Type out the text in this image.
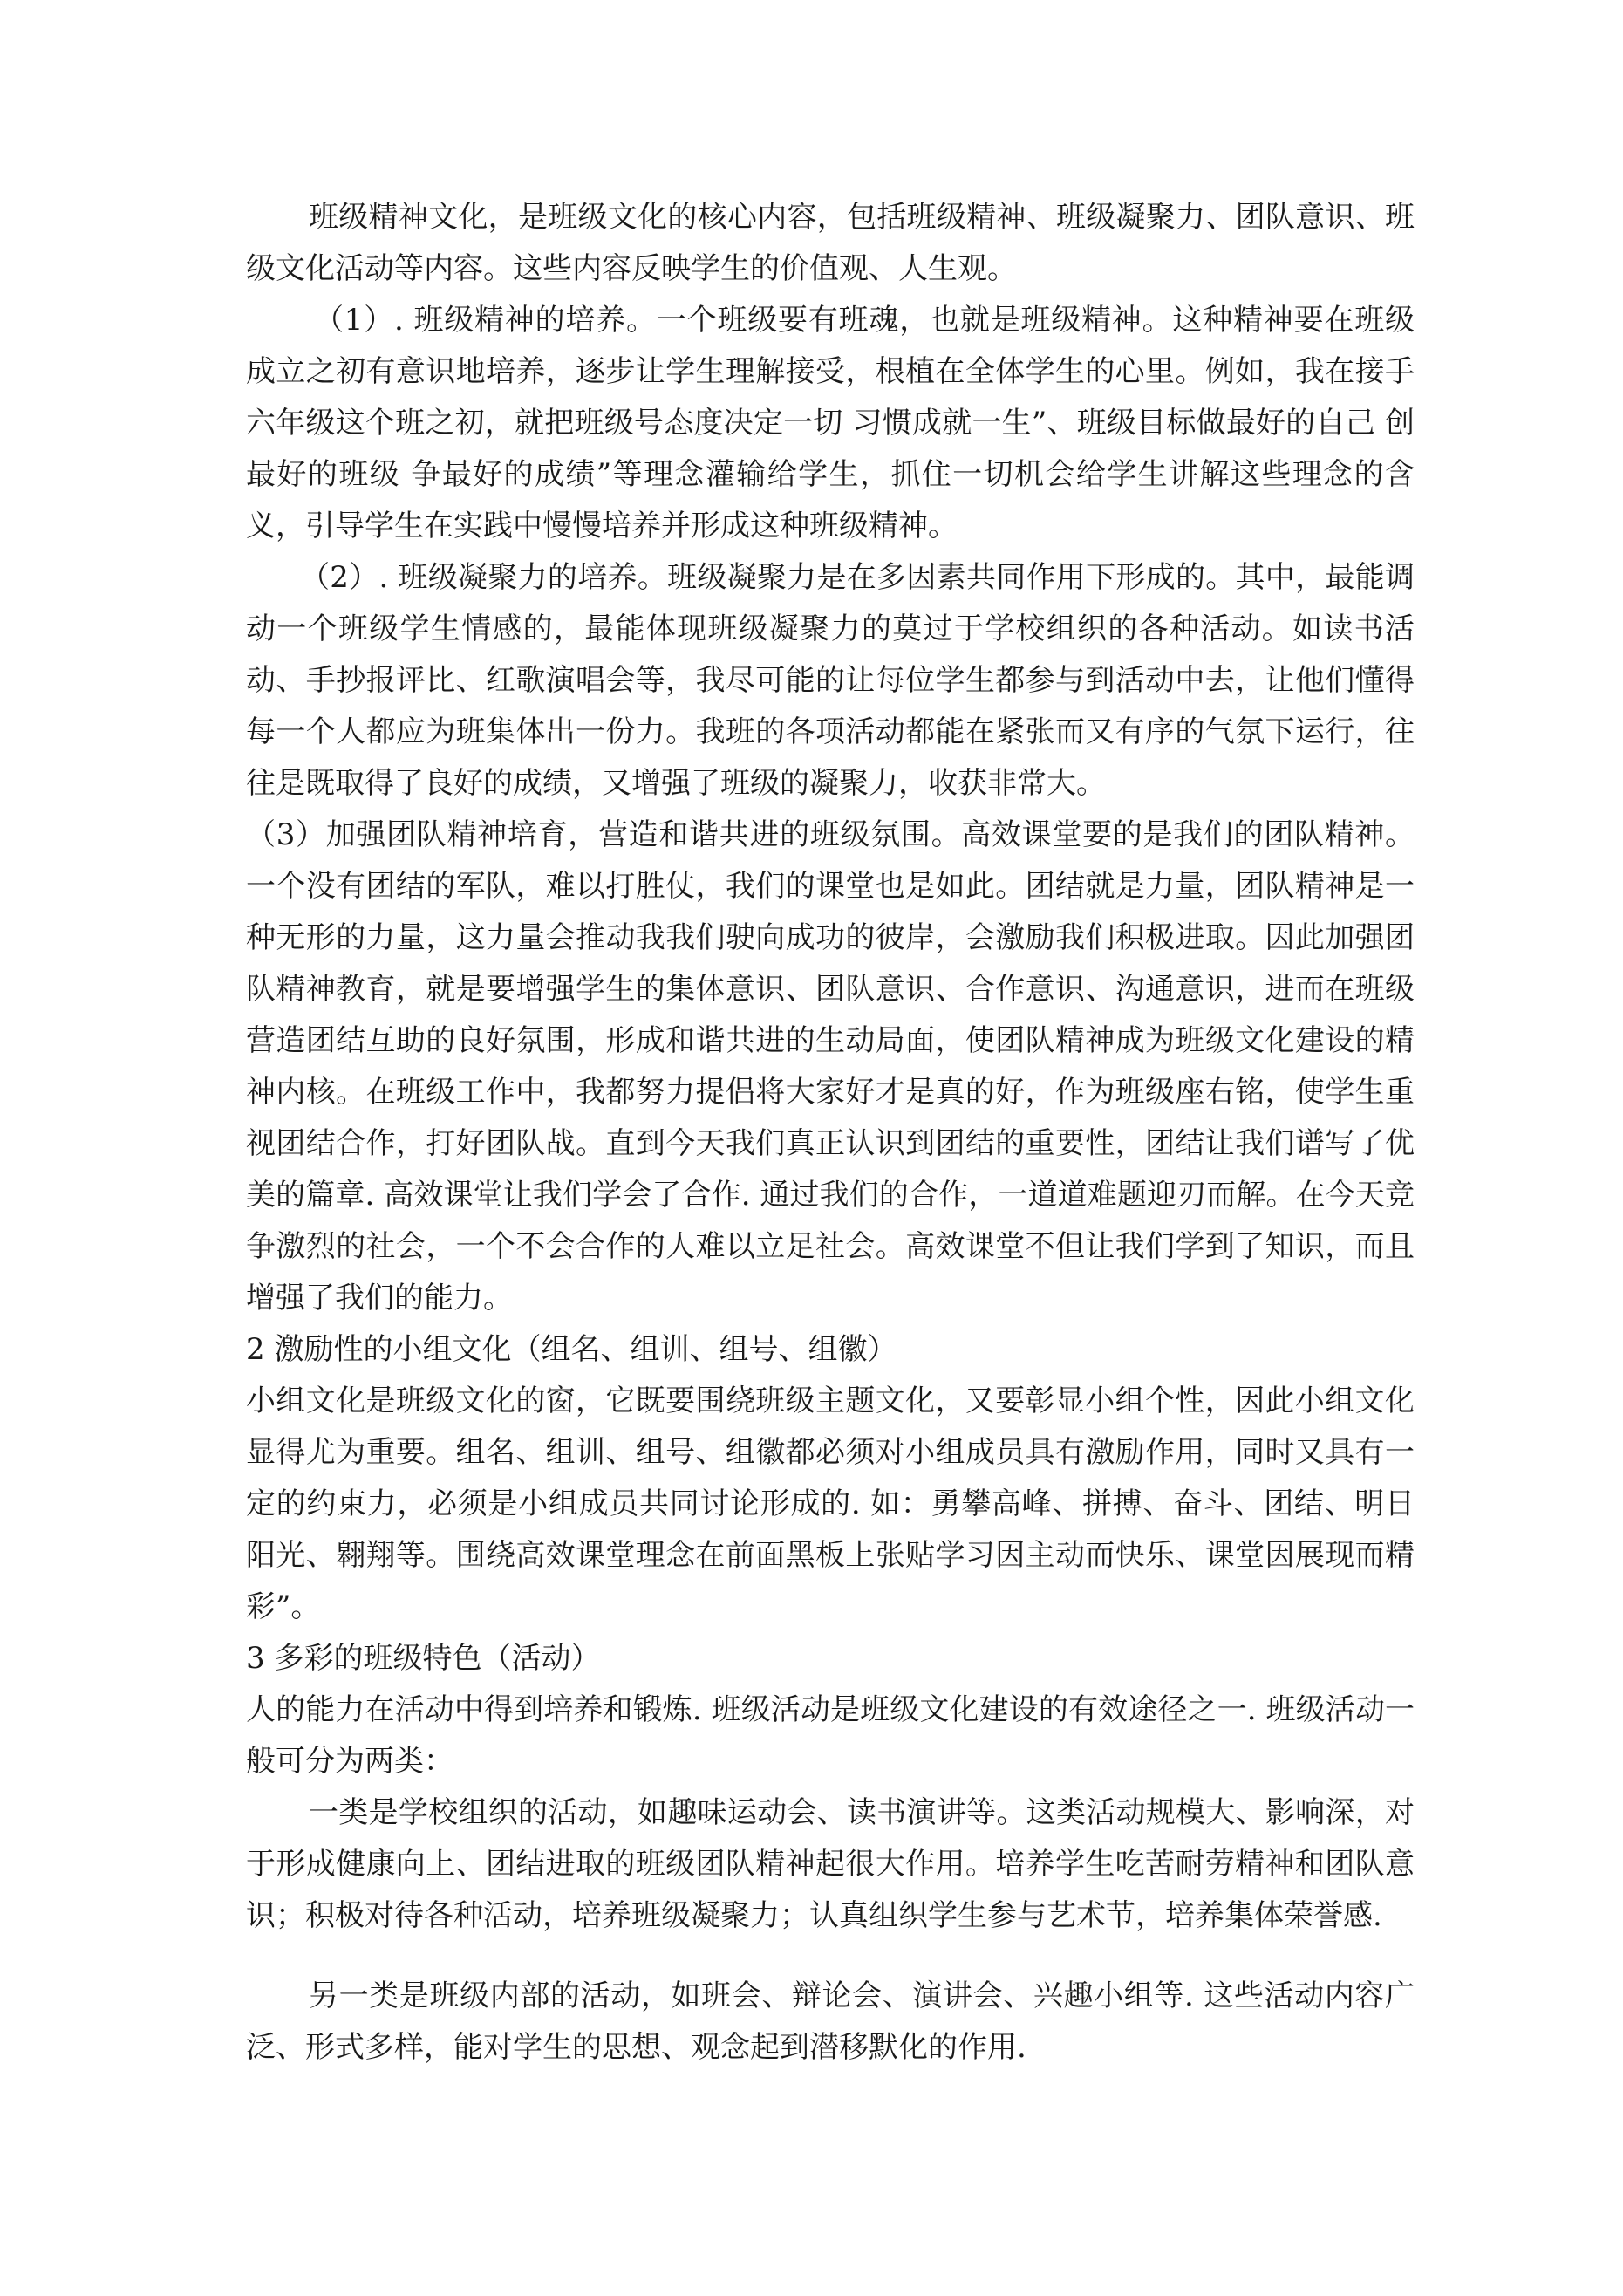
班级精神文化，是班级文化的核心内容，包括班级精神、班级凝聚力、团队意识、班级文化活动等内容。这些内容反映学生的价值观、人生观。

（1）. 班级精神的培养。一个班级要有班魂，也就是班级精神。这种精神要在班级成立之初有意识地培养，逐步让学生理解接受，根植在全体学生的心里。例如，我在接手六年级这个班之初，就把班级号态度决定一切 习惯成就一生”、班级目标做最好的自己 创最好的班级 争最好的成绩”等理念灌输给学生，抓住一切机会给学生讲解这些理念的含义，引导学生在实践中慢慢培养并形成这种班级精神。

（2）. 班级凝聚力的培养。班级凝聚力是在多因素共同作用下形成的。其中，最能调动一个班级学生情感的，最能体现班级凝聚力的莫过于学校组织的各种活动。如读书活动、手抄报评比、红歌演唱会等，我尽可能的让每位学生都参与到活动中去，让他们懂得每一个人都应为班集体出一份力。我班的各项活动都能在紧张而又有序的气氛下运行，往往是既取得了良好的成绩，又增强了班级的凝聚力，收获非常大。

（3）加强团队精神培育，营造和谐共进的班级氛围。高效课堂要的是我们的团队精神。一个没有团结的军队，难以打胜仗，我们的课堂也是如此。团结就是力量，团队精神是一种无形的力量，这力量会推动我我们驶向成功的彼岸，会激励我们积极进取。因此加强团队精神教育，就是要增强学生的集体意识、团队意识、合作意识、沟通意识，进而在班级营造团结互助的良好氛围，形成和谐共进的生动局面，使团队精神成为班级文化建设的精神内核。在班级工作中，我都努力提倡将大家好才是真的好，作为班级座右铭，使学生重视团结合作，打好团队战。直到今天我们真正认识到团结的重要性，团结让我们谱写了优美的篇章. 高效课堂让我们学会了合作. 通过我们的合作，一道道难题迎刃而解。在今天竞争激烈的社会，一个不会合作的人难以立足社会。高效课堂不但让我们学到了知识，而且增强了我们的能力。

2 激励性的小组文化（组名、组训、组号、组徽）

小组文化是班级文化的窗，它既要围绕班级主题文化，又要彰显小组个性，因此小组文化显得尤为重要。组名、组训、组号、组徽都必须对小组成员具有激励作用，同时又具有一定的约束力，必须是小组成员共同讨论形成的. 如：勇攀高峰、拼搏、奋斗、团结、明日阳光、翱翔等。围绕高效课堂理念在前面黑板上张贴学习因主动而快乐、课堂因展现而精彩”。

3 多彩的班级特色（活动）

人的能力在活动中得到培养和锻炼. 班级活动是班级文化建设的有效途径之一. 班级活动一般可分为两类：

一类是学校组织的活动，如趣味运动会、读书演讲等。这类活动规模大、影响深，对于形成健康向上、团结进取的班级团队精神起很大作用。培养学生吃苦耐劳精神和团队意识；积极对待各种活动，培养班级凝聚力；认真组织学生参与艺术节，培养集体荣誉感.

另一类是班级内部的活动，如班会、辩论会、演讲会、兴趣小组等. 这些活动内容广泛、形式多样，能对学生的思想、观念起到潜移默化的作用.
